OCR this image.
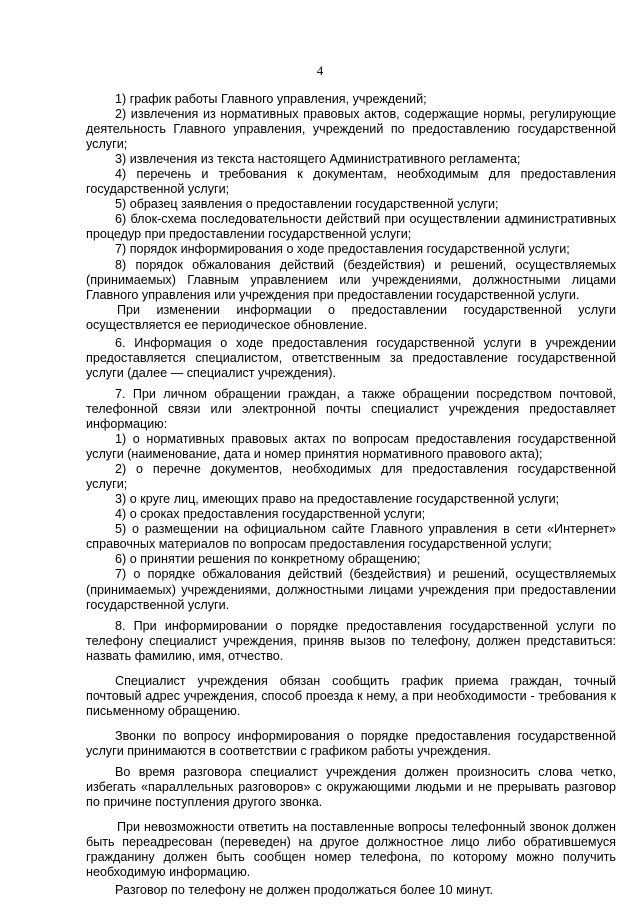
4

1) график работы Главного управления, учреждений;

2) извлечения из нормативных правовых актов, содержащие нормы, регулирующие деятельность Главного управления, учреждений по предоставлению государственной услуги;

3) извлечения из текста настоящего Административного регламента;

4) перечень и требования к документам, необходимым для предоставления государственной услуги;

5) образец заявления о предоставлении государственной услуги;

6) блок-схема последовательности действий при осуществлении административных процедур при предоставлении государственной услуги;

7) порядок информирования о ходе предоставления государственной услуги;

8) порядок обжалования действий (бездействия) и решений, осуществляемых (принимаемых) Главным управлением или учреждениями, должностными лицами Главного управления или учреждения при предоставлении государственной услуги.

При изменении информации о предоставлении государственной услуги осуществляется ее периодическое обновление.

6. Информация о ходе предоставления государственной услуги в учреждении предоставляется специалистом, ответственным за предоставление государственной услуги (далее — специалист учреждения).

7. При личном обращении граждан, а также обращении посредством почтовой, телефонной связи или электронной почты специалист учреждения предоставляет информацию:

1) о нормативных правовых актах по вопросам предоставления государственной услуги (наименование, дата и номер принятия нормативного правового акта);

2) о перечне документов, необходимых для предоставления государственной услуги;

3) о круге лиц, имеющих право на предоставление государственной услуги;

4) о сроках предоставления государственной услуги;

5) о размещении на официальном сайте Главного управления в сети «Интернет» справочных материалов по вопросам предоставления государственной услуги;

6) о принятии решения по конкретному обращению;

7) о порядке обжалования действий (бездействия) и решений, осуществляемых (принимаемых) учреждениями, должностными лицами учреждения при предоставлении государственной услуги.

8. При информировании о порядке предоставления государственной услуги по телефону специалист учреждения, приняв вызов по телефону, должен представиться: назвать фамилию, имя, отчество.

Специалист учреждения обязан сообщить график приема граждан, точный почтовый адрес учреждения, способ проезда к нему, а при необходимости - требования к письменному обращению.

Звонки по вопросу информирования о порядке предоставления государственной услуги принимаются в соответствии с графиком работы учреждения.

Во время разговора специалист учреждения должен произносить слова четко, избегать «параллельных разговоров» с окружающими людьми и не прерывать разговор по причине поступления другого звонка.

При невозможности ответить на поставленные вопросы телефонный звонок должен быть переадресован (переведен) на другое должностное лицо либо обратившемуся гражданину должен быть сообщен номер телефона, по которому можно получить необходимую информацию.

Разговор по телефону не должен продолжаться более 10 минут.
